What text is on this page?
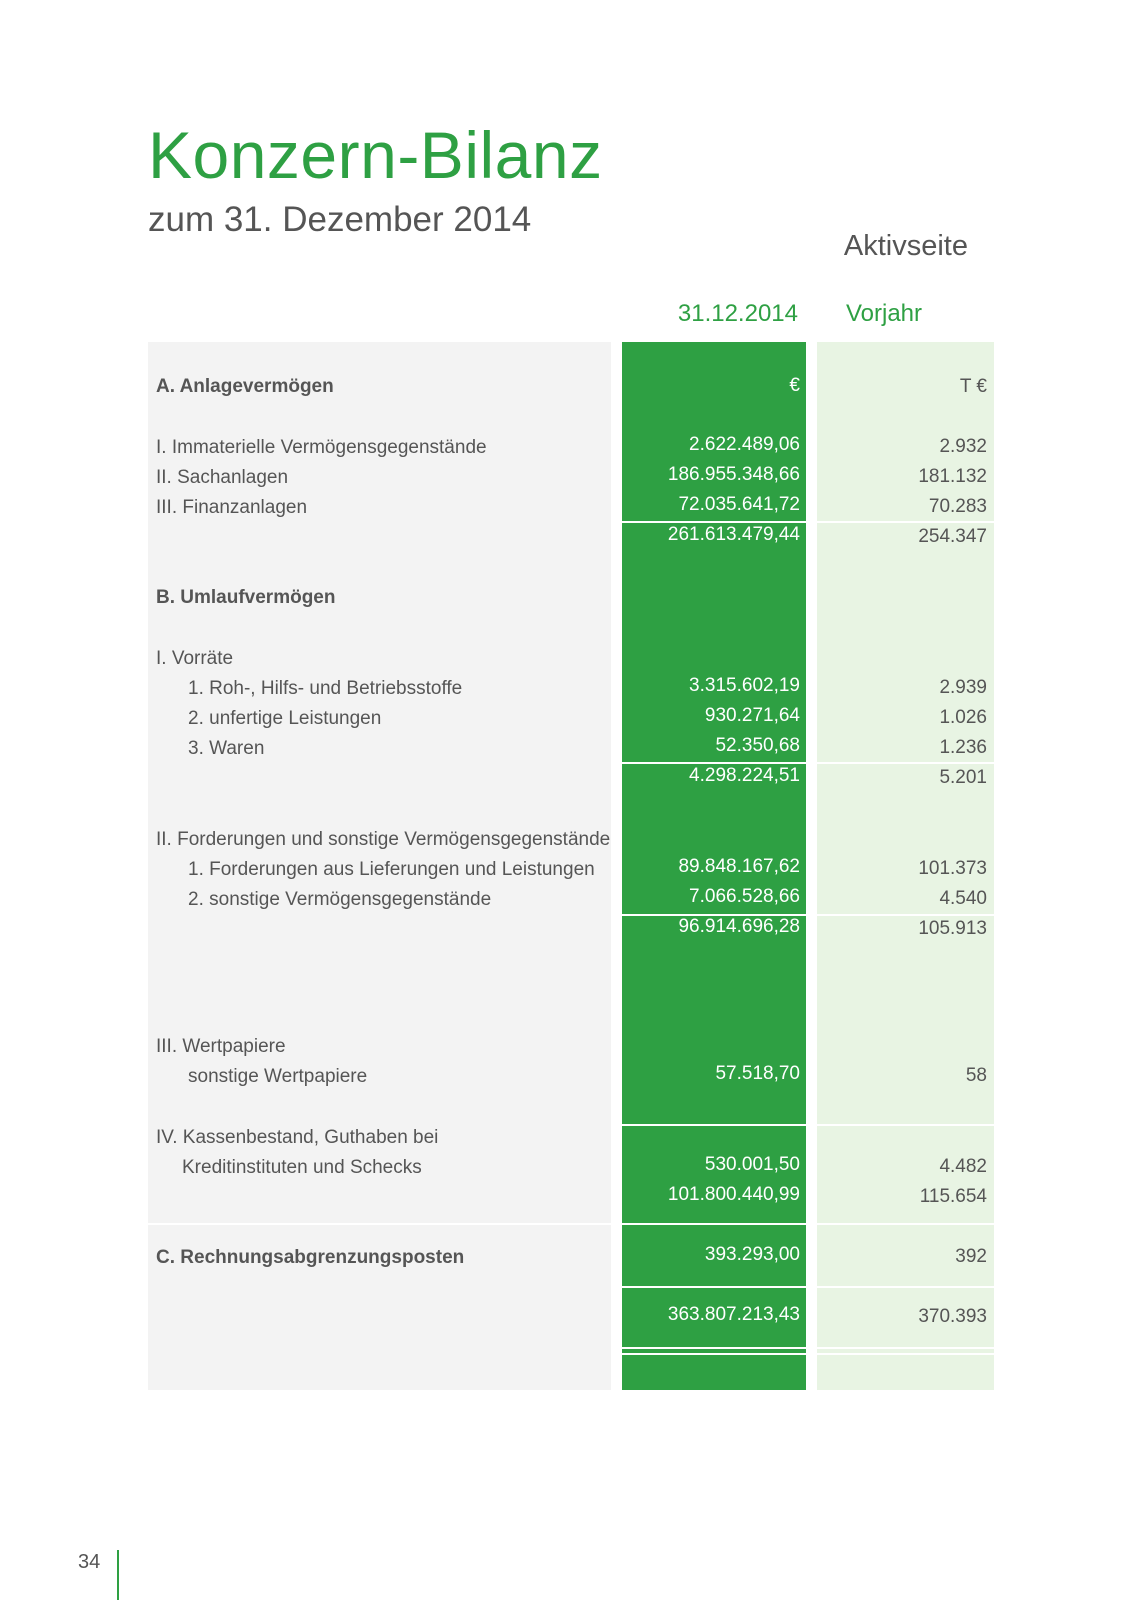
Konzern-Bilanz
zum 31. Dezember 2014
Aktivseite
31.12.2014	Vorjahr
A. Anlagevermögen	€	T €
I. Immaterielle Vermögensgegenstände	2.622.489,06	2.932
II. Sachanlagen	186.955.348,66	181.132
III. Finanzanlagen	72.035.641,72	70.283
261.613.479,44	254.347
B. Umlaufvermögen
I. Vorräte
1. Roh-, Hilfs- und Betriebsstoffe	3.315.602,19	2.939
2. unfertige Leistungen	930.271,64	1.026
3. Waren	52.350,68	1.236
4.298.224,51	5.201
II. Forderungen und sonstige Vermögensgegenstände
1. Forderungen aus Lieferungen und Leistungen	89.848.167,62	101.373
2. sonstige Vermögensgegenstände	7.066.528,66	4.540
96.914.696,28	105.913
III. Wertpapiere
sonstige Wertpapiere	57.518,70	58
IV. Kassenbestand, Guthaben bei
Kreditinstituten und Schecks	530.001,50	4.482
101.800.440,99	115.654
C. Rechnungsabgrenzungsposten	393.293,00	392
363.807.213,43	370.393
34
